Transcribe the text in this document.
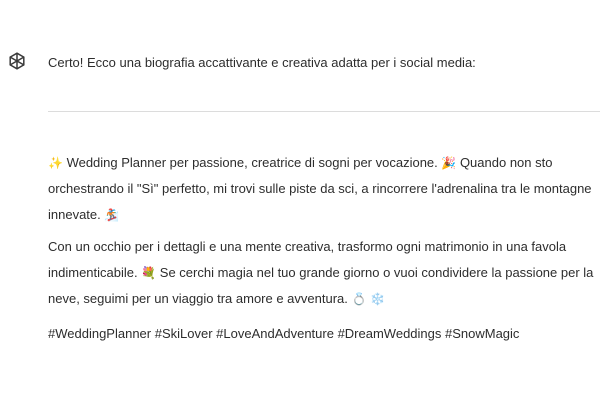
Certo! Ecco una biografia accattivante e creativa adatta per i social media:

✨ Wedding Planner per passione, creatrice di sogni per vocazione. 🎉 Quando non sto orchestrando il "Sì" perfetto, mi trovi sulle piste da sci, a rincorrere l'adrenalina tra le montagne innevate. 🏂

Con un occhio per i dettagli e una mente creativa, trasformo ogni matrimonio in una favola indimenticabile. 💐 Se cerchi magia nel tuo grande giorno o vuoi condividere la passione per la neve, seguimi per un viaggio tra amore e avventura. 💍 ❄️

#WeddingPlanner #SkiLover #LoveAndAdventure #DreamWeddings #SnowMagic
